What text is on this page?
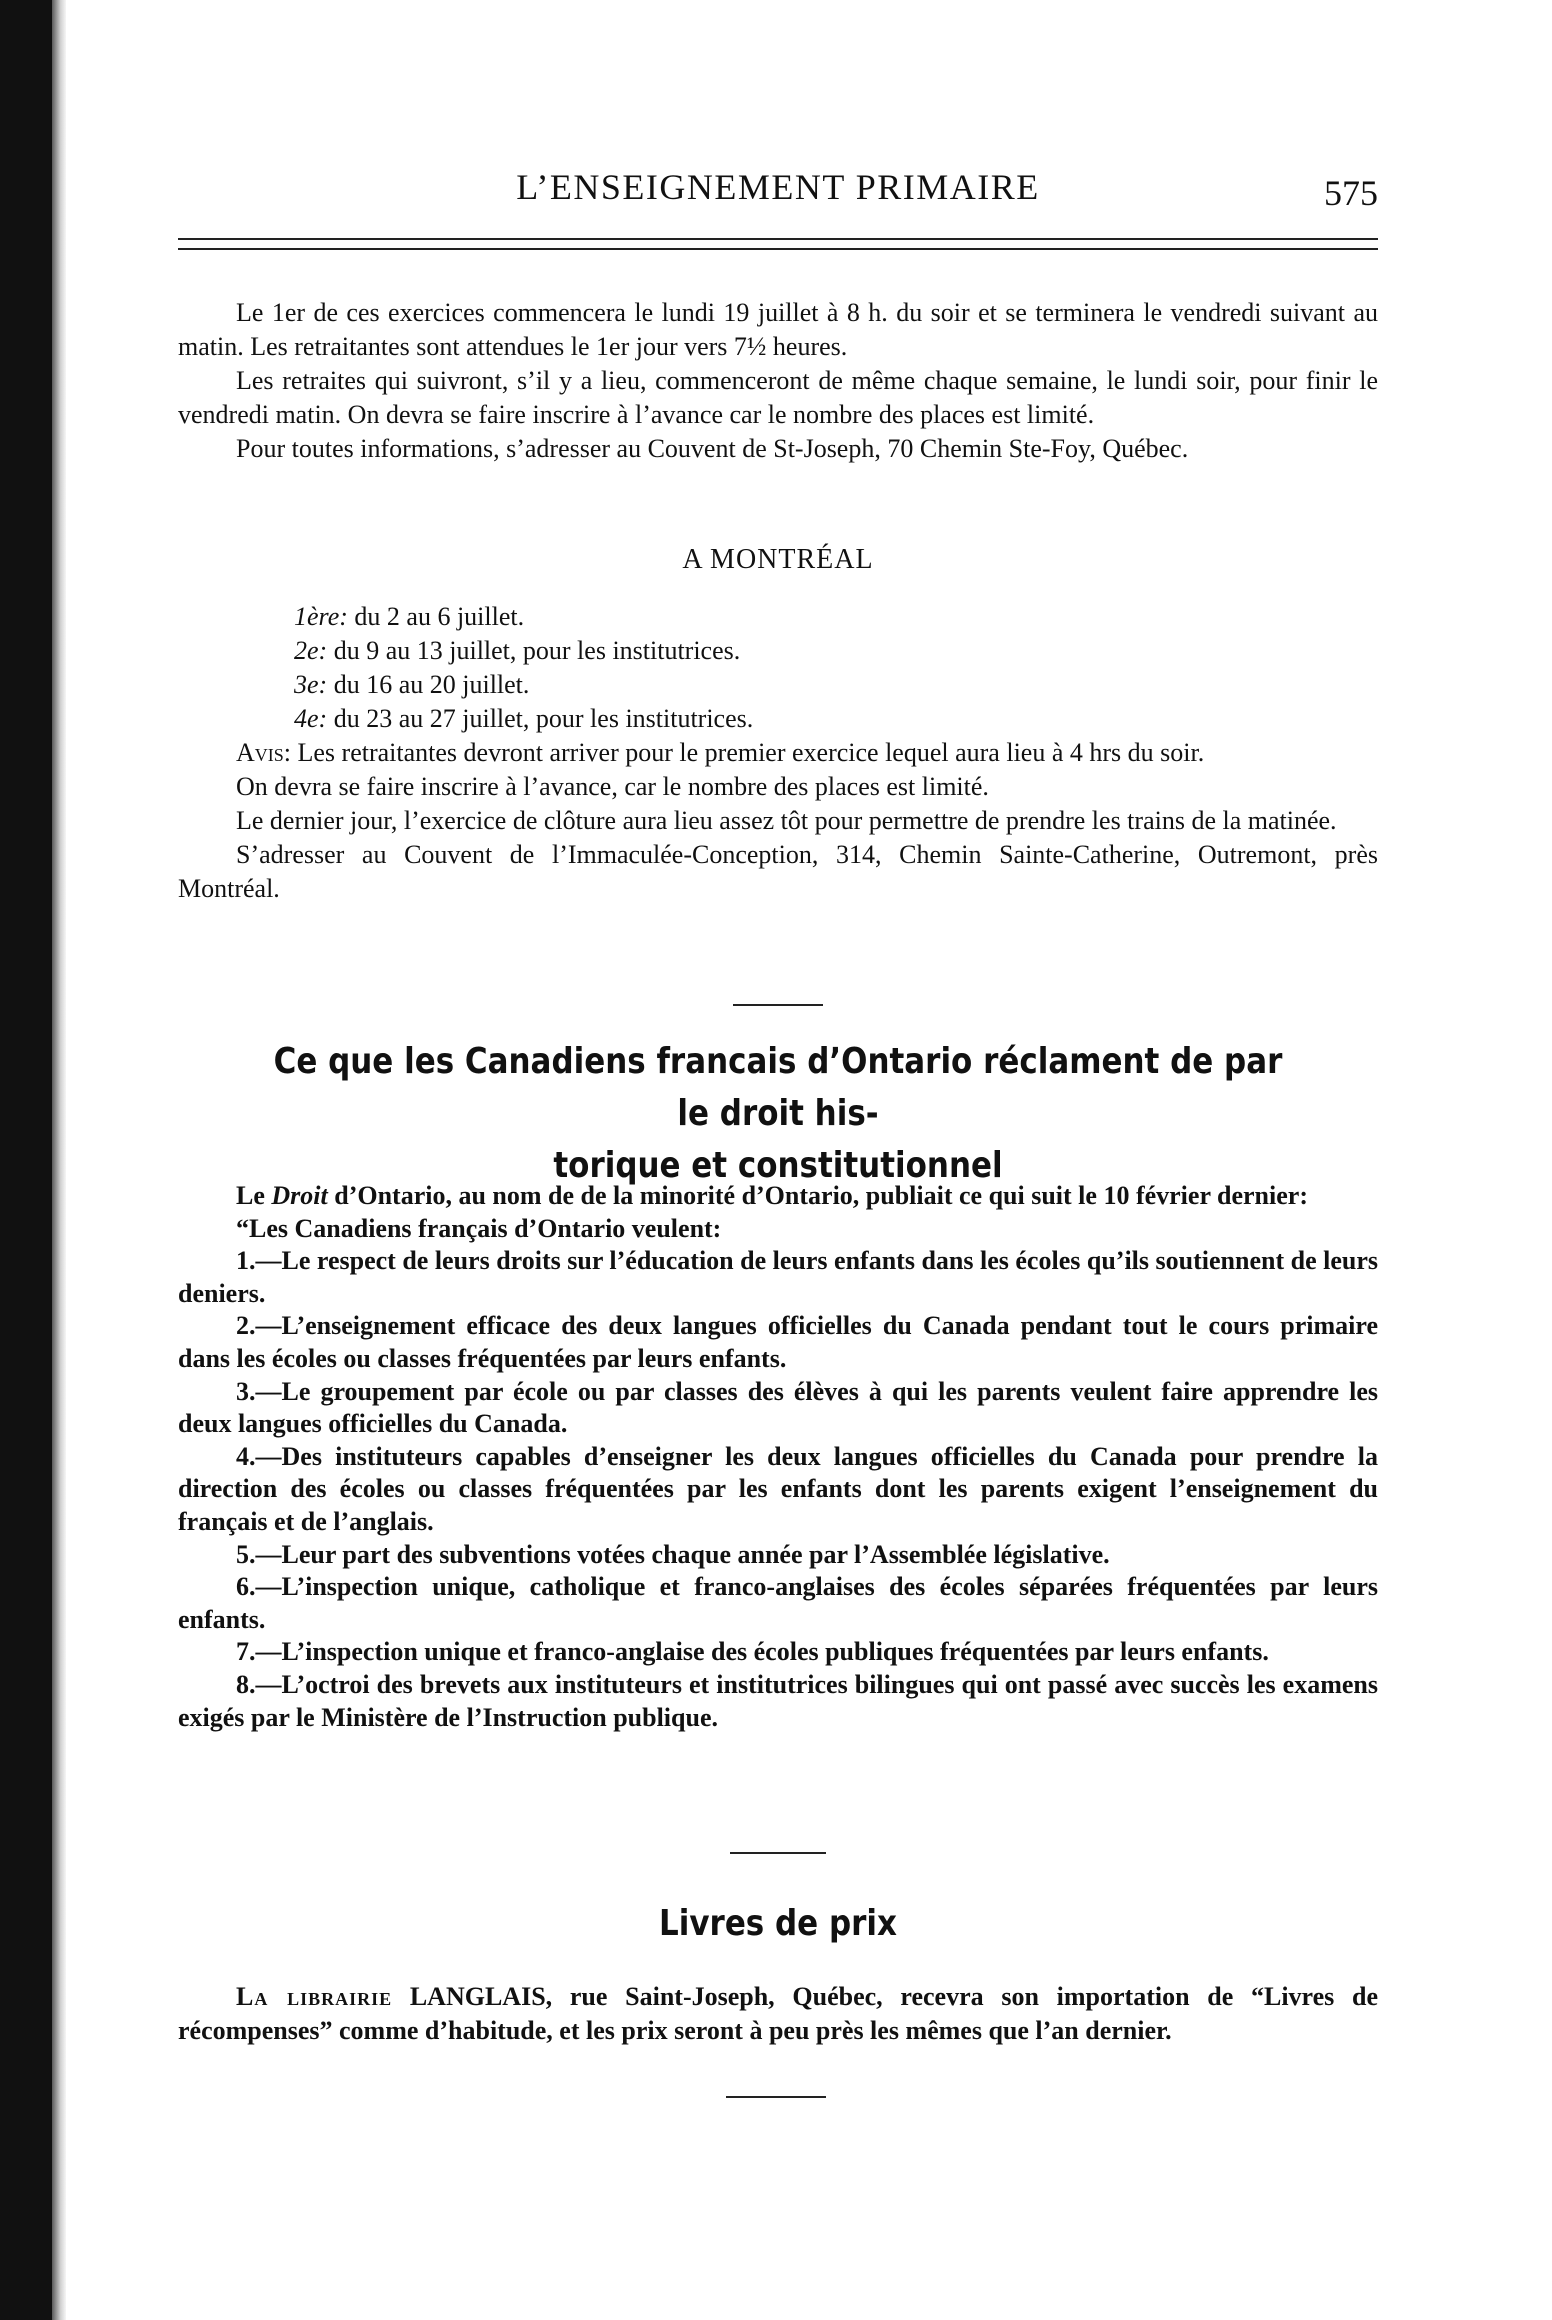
L’ENSEIGNEMENT PRIMAIRE	575

Le 1er de ces exercices commencera le lundi 19 juillet à 8 h. du soir et se terminera le vendredi suivant au matin. Les retraitantes sont attendues le 1er jour vers 7½ heures.

Les retraites qui suivront, s’il y a lieu, commenceront de même chaque semaine, le lundi soir, pour finir le vendredi matin. On devra se faire inscrire à l’avance car le nombre des places est limité.

Pour toutes informations, s’adresser au Couvent de St-Joseph, 70 Chemin Ste-Foy, Québec.

A MONTRÉAL

1ère: du 2 au 6 juillet.

2e: du 9 au 13 juillet, pour les institutrices.

3e: du 16 au 20 juillet.

4e: du 23 au 27 juillet, pour les institutrices.

Avis: Les retraitantes devront arriver pour le premier exercice lequel aura lieu à 4 hrs du soir.

On devra se faire inscrire à l’avance, car le nombre des places est limité.

Le dernier jour, l’exercice de clôture aura lieu assez tôt pour permettre de prendre les trains de la matinée.

S’adresser au Couvent de l’Immaculée-Conception, 314, Chemin Sainte-Catherine, Outremont, près Montréal.

Ce que les Canadiens francais d’Ontario réclament de par le droit his-
torique et constitutionnel

Le Droit d’Ontario, au nom de de la minorité d’Ontario, publiait ce qui suit le 10 février dernier:

“Les Canadiens français d’Ontario veulent:

1.—Le respect de leurs droits sur l’éducation de leurs enfants dans les écoles qu’ils soutiennent de leurs deniers.

2.—L’enseignement efficace des deux langues officielles du Canada pendant tout le cours primaire dans les écoles ou classes fréquentées par leurs enfants.

3.—Le groupement par école ou par classes des élèves à qui les parents veulent faire apprendre les deux langues officielles du Canada.

4.—Des instituteurs capables d’enseigner les deux langues officielles du Canada pour prendre la direction des écoles ou classes fréquentées par les enfants dont les parents exigent l’enseignement du français et de l’anglais.

5.—Leur part des subventions votées chaque année par l’Assemblée législative.

6.—L’inspection unique, catholique et franco-anglaises des écoles séparées fréquentées par leurs enfants.

7.—L’inspection unique et franco-anglaise des écoles publiques fréquentées par leurs enfants.

8.—L’octroi des brevets aux instituteurs et institutrices bilingues qui ont passé avec succès les examens exigés par le Ministère de l’Instruction publique.

Livres de prix

La librairie LANGLAIS, rue Saint-Joseph, Québec, recevra son importation de “Livres de récompenses” comme d’habitude, et les prix seront à peu près les mêmes que l’an dernier.
